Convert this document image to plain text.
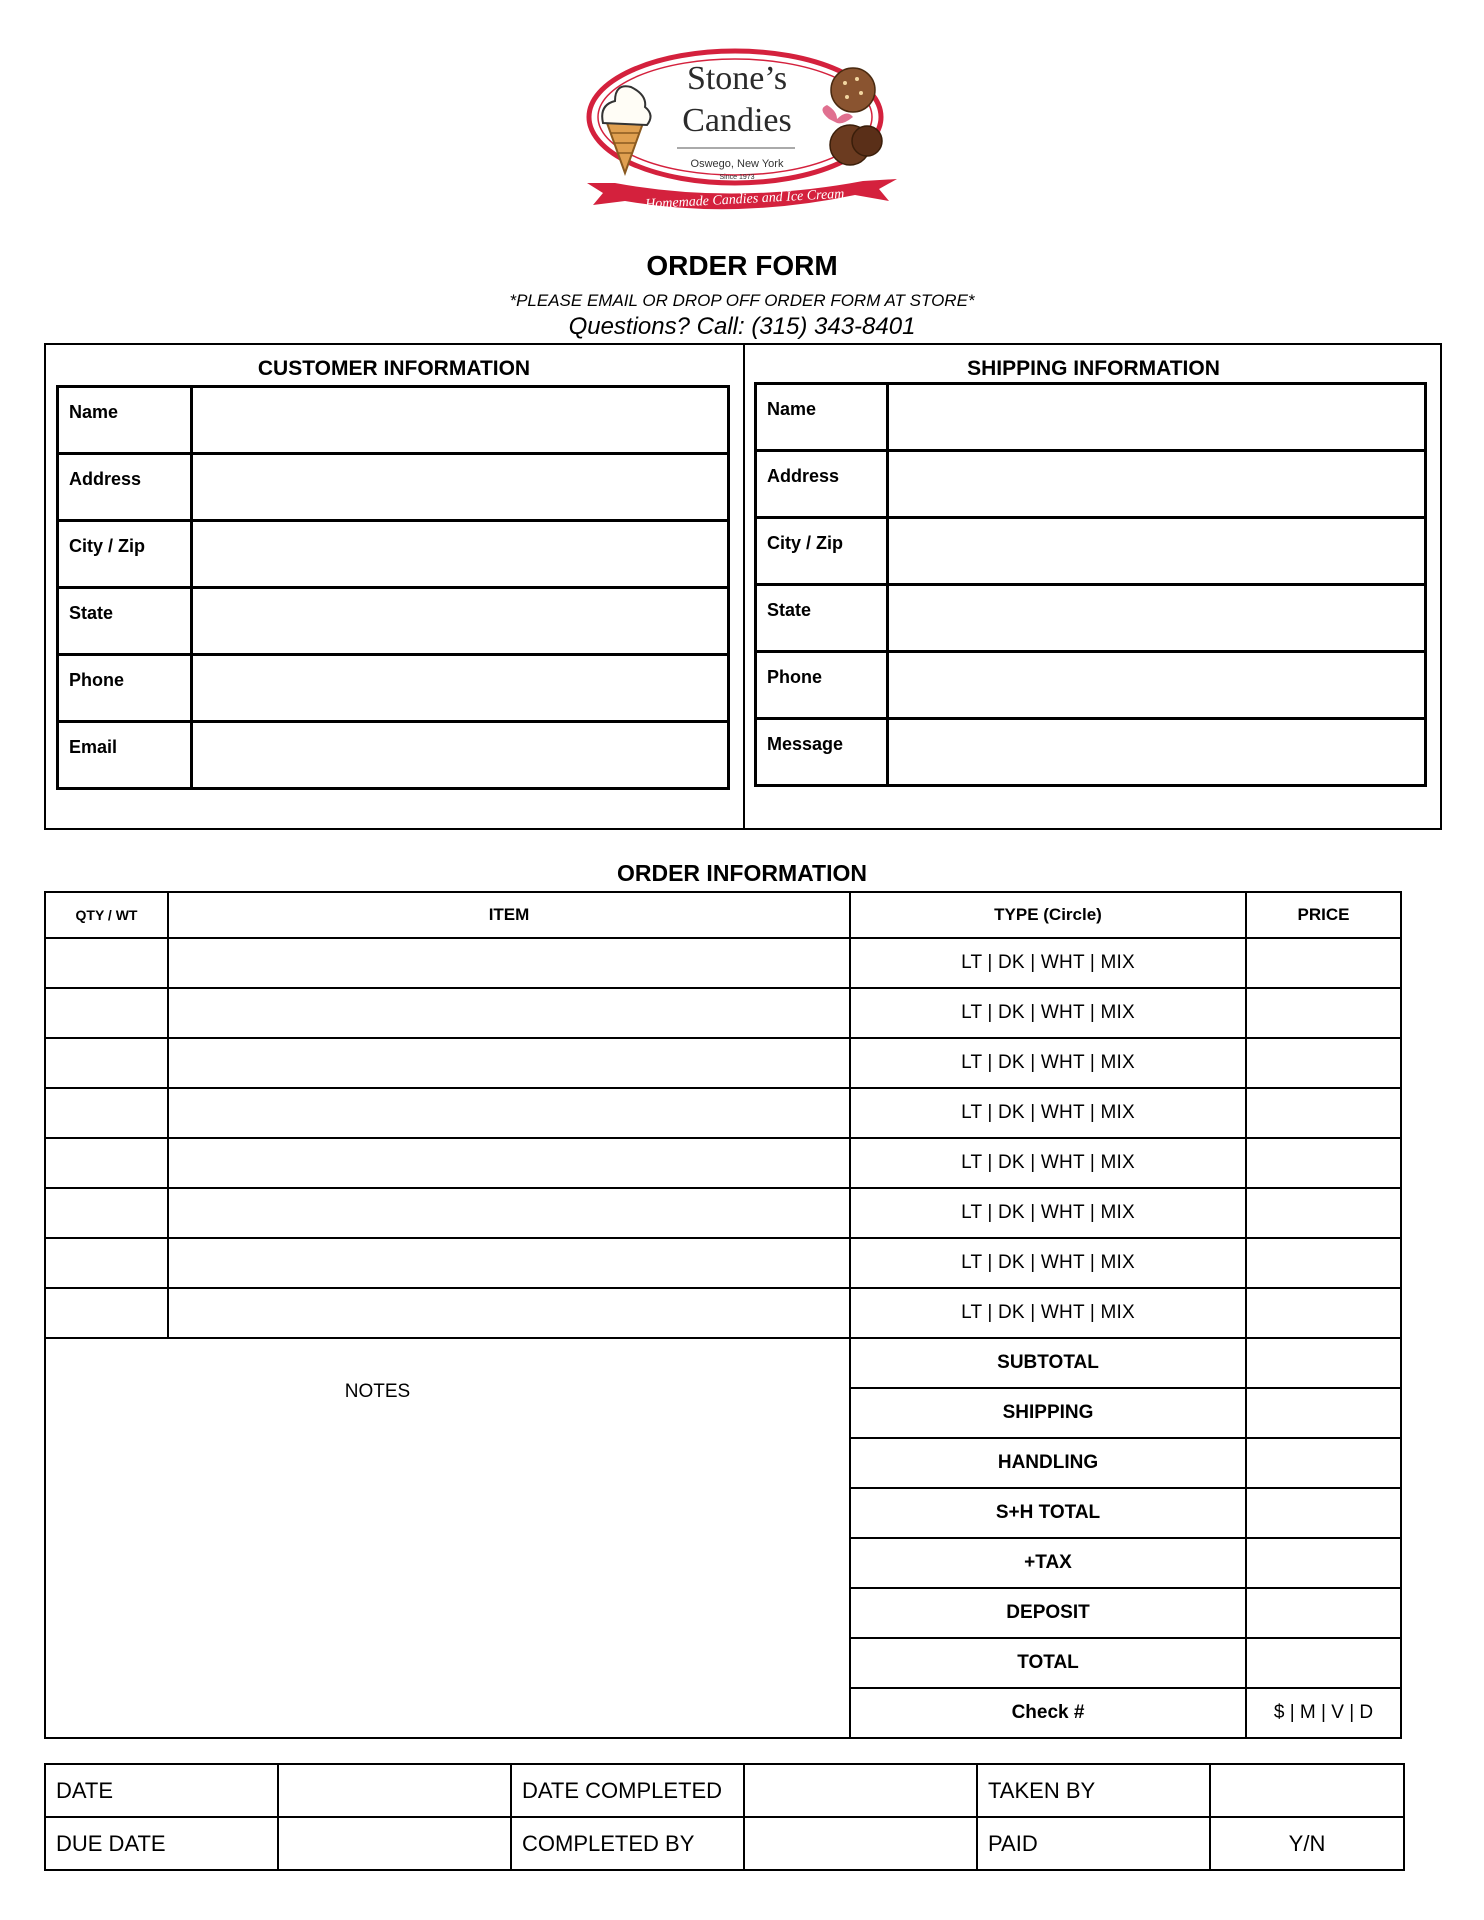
Stone’s
Candies
Oswego, New York
Since 1973
Homemade Candies and Ice Cream
ORDER FORM
*PLEASE EMAIL OR DROP OFF ORDER FORM AT STORE*
Questions? Call: (315) 343-8401
CUSTOMER INFORMATION	SHIPPING INFORMATION
Name	
Address	
City / Zip	
State	
Phone	
Email	
Name	
Address	
City / Zip	
State	
Phone	
Message	
ORDER INFORMATION
QTY / WT	ITEM	TYPE (Circle)	PRICE
		LT | DK | WHT | MIX	
		LT | DK | WHT | MIX	
		LT | DK | WHT | MIX	
		LT | DK | WHT | MIX	
		LT | DK | WHT | MIX	
		LT | DK | WHT | MIX	
		LT | DK | WHT | MIX	
		LT | DK | WHT | MIX	

NOTES		SUBTOTAL	
		SHIPPING	
		HANDLING	
		S+H TOTAL	
		+TAX	
		DEPOSIT	
		TOTAL	
		Check #	$ | M | V | D
DATE		DATE COMPLETED		TAKEN BY	
DUE DATE		COMPLETED BY		PAID	Y/N
